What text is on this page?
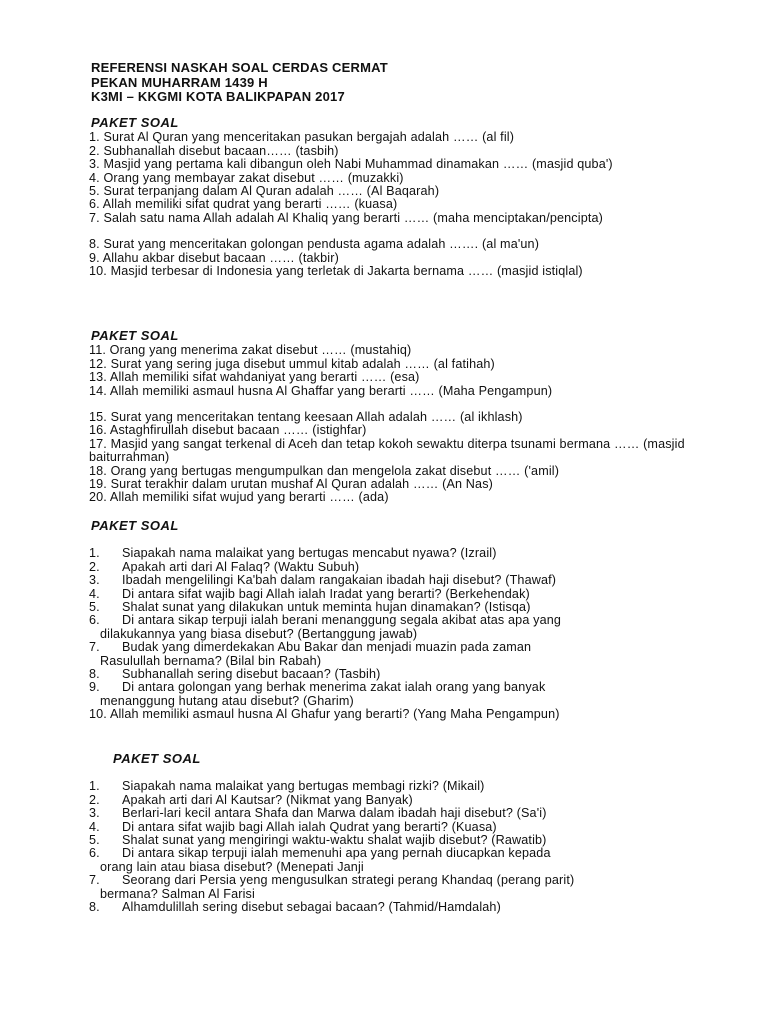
REFERENSI NASKAH SOAL CERDAS CERMAT
PEKAN MUHARRAM 1439 H
K3MI – KKGMI KOTA BALIKPAPAN 2017
PAKET SOAL
1. Surat Al Quran yang menceritakan pasukan bergajah adalah …… (al fil)
2. Subhanallah disebut bacaan…… (tasbih)
3. Masjid yang pertama kali dibangun oleh Nabi Muhammad dinamakan …… (masjid quba')
4. Orang yang membayar zakat disebut …… (muzakki)
5. Surat terpanjang dalam Al Quran adalah …… (Al Baqarah)
6. Allah memiliki sifat qudrat yang berarti …… (kuasa)
7. Salah satu nama Allah adalah Al Khaliq yang berarti …… (maha menciptakan/pencipta)
8. Surat yang menceritakan golongan pendusta agama adalah ……. (al ma'un)
9. Allahu akbar disebut bacaan …… (takbir)
10. Masjid terbesar di Indonesia yang terletak di Jakarta bernama …… (masjid istiqlal)
PAKET SOAL
11. Orang yang menerima zakat disebut …… (mustahiq)
12. Surat yang sering juga disebut ummul kitab adalah …… (al fatihah)
13. Allah memiliki sifat wahdaniyat yang berarti …… (esa)
14. Allah memiliki asmaul husna Al Ghaffar yang berarti …… (Maha Pengampun)
15. Surat yang menceritakan tentang keesaan Allah adalah …… (al ikhlash)
16. Astaghfirullah disebut bacaan …… (istighfar)
17. Masjid yang sangat terkenal di Aceh dan tetap kokoh sewaktu diterpa tsunami bermana …… (masjid baiturrahman)
18. Orang yang bertugas mengumpulkan dan mengelola zakat disebut …… ('amil)
19. Surat terakhir dalam urutan mushaf Al Quran adalah …… (An Nas)
20. Allah memiliki sifat wujud yang berarti …… (ada)
PAKET SOAL
1. Siapakah nama malaikat yang bertugas mencabut nyawa? (Izrail)
2. Apakah arti dari Al Falaq? (Waktu Subuh)
3. Ibadah mengelilingi Ka'bah dalam rangakaian ibadah haji disebut? (Thawaf)
4. Di antara sifat wajib bagi Allah ialah Iradat yang berarti? (Berkehendak)
5. Shalat sunat yang dilakukan untuk meminta hujan dinamakan? (Istisqa)
6. Di antara sikap terpuji ialah berani menanggung segala akibat atas apa yang
dilakukannya yang biasa disebut? (Bertanggung jawab)
7. Budak yang dimerdekakan Abu Bakar dan menjadi muazin pada zaman
Rasulullah bernama? (Bilal bin Rabah)
8. Subhanallah sering disebut bacaan? (Tasbih)
9. Di antara golongan yang berhak menerima zakat ialah orang yang banyak
menanggung hutang atau disebut? (Gharim)
10. Allah memiliki asmaul husna Al Ghafur yang berarti? (Yang Maha Pengampun)
PAKET SOAL
1. Siapakah nama malaikat yang bertugas membagi rizki? (Mikail)
2. Apakah arti dari Al Kautsar? (Nikmat yang Banyak)
3. Berlari-lari kecil antara Shafa dan Marwa dalam ibadah haji disebut? (Sa'i)
4. Di antara sifat wajib bagi Allah ialah Qudrat yang berarti? (Kuasa)
5. Shalat sunat yang mengiringi waktu-waktu shalat wajib disebut? (Rawatib)
6. Di antara sikap terpuji ialah memenuhi apa yang pernah diucapkan kepada
orang lain atau biasa disebut? (Menepati Janji
7. Seorang dari Persia yeng mengusulkan strategi perang Khandaq (perang parit)
bermana? Salman Al Farisi
8. Alhamdulillah sering disebut sebagai bacaan? (Tahmid/Hamdalah)
